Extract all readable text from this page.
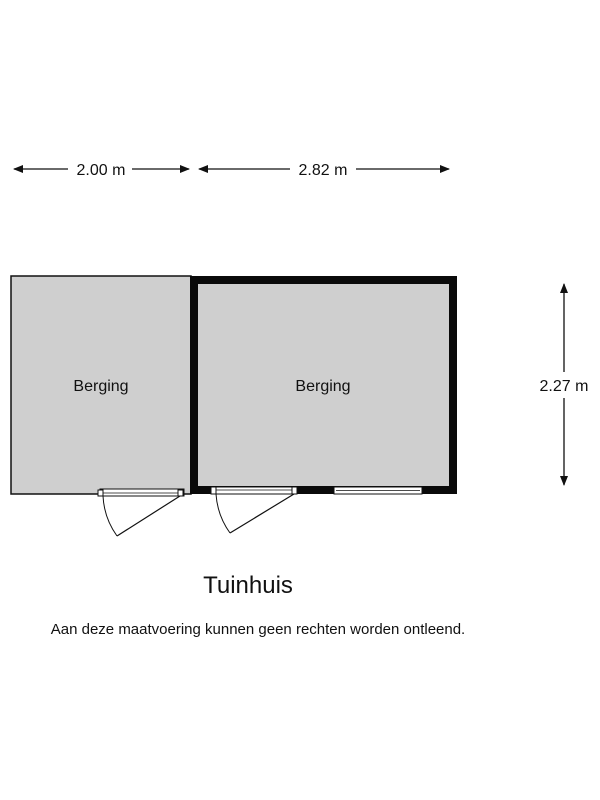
2.00 m	2.82 m
2.27 m
Berging	Berging
Tuinhuis
Aan deze maatvoering kunnen geen rechten worden ontleend.
